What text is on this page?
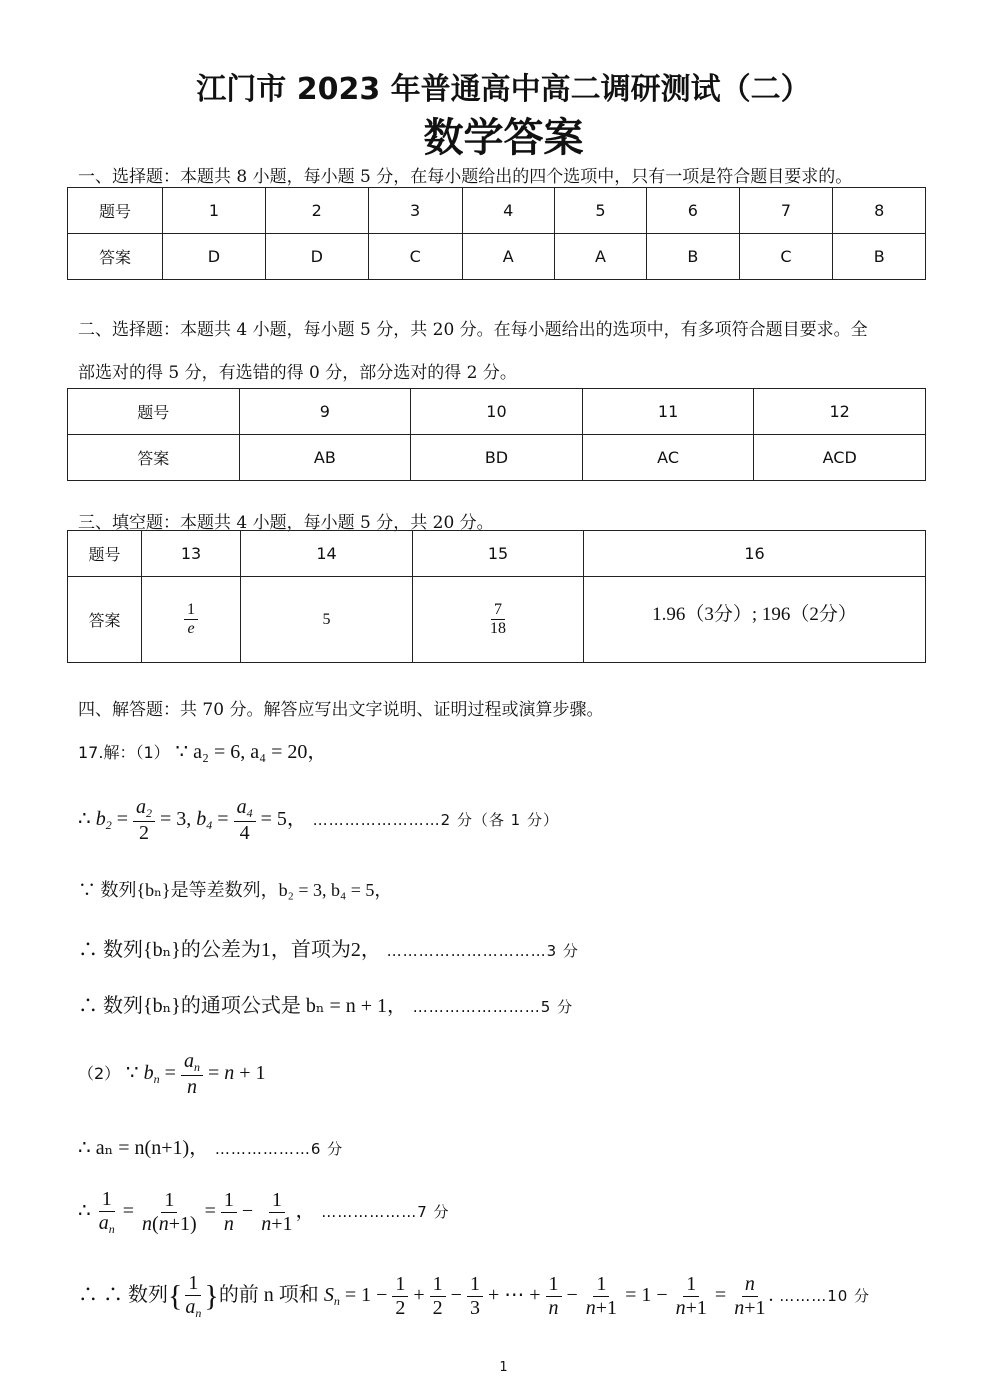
江门市 2023 年普通高中高二调研测试（二）
数学答案
一、选择题：本题共 8 小题，每小题 5 分，在每小题给出的四个选项中，只有一项是符合题目要求的。
题号	1	2	3	4	5	6	7	8
答案	D	D	C	A	A	B	C	B
二、选择题：本题共 4 小题，每小题 5 分，共 20 分。在每小题给出的选项中，有多项符合题目要求。全
部选对的得 5 分，有选错的得 0 分，部分选对的得 2 分。
题号	9	10	11	12
答案	AB	BD	AC	ACD
三、填空题：本题共 4 小题，每小题 5 分，共 20 分。
题号	13	14	15	16
答案	$\frac{1}{e}$	5	$\frac{7}{18}$	1.96（3分）; 196（2分）
四、解答题：共 70 分。解答应写出文字说明、证明过程或演算步骤。
17.解：（1） ∵ a₂ = 6, a₄ = 20，
∴ $b_2 = \frac{a_2}{2} = 3$, $b_4 = \frac{a_4}{4} = 5$， ……………………2 分（各 1 分）
∵ 数列{bₙ}是等差数列，b₂ = 3, b₄ = 5，
∴ 数列{bₙ}的公差为1，首项为2， …………………………3 分
∴ 数列{bₙ}的通项公式是 bₙ = n + 1， ……………………5 分
（2） ∵ $b_n = \frac{a_n}{n} = n + 1$
∴ aₙ = n(n+1)， ………………6 分
∴ $\frac{1}{a_n} = \frac{1}{n(n+1)} = \frac{1}{n} - \frac{1}{n+1}$ ， ………………7 分
∴ ∴ 数列{ $\frac{1}{a_n}$ }的前 n 项和 $S_n = 1 - \frac{1}{2} + \frac{1}{2} - \frac{1}{3}$ + ⋯ + $\frac{1}{n} - \frac{1}{n+1} = 1 - \frac{1}{n+1} = \frac{n}{n+1}$ . ………10 分
1
